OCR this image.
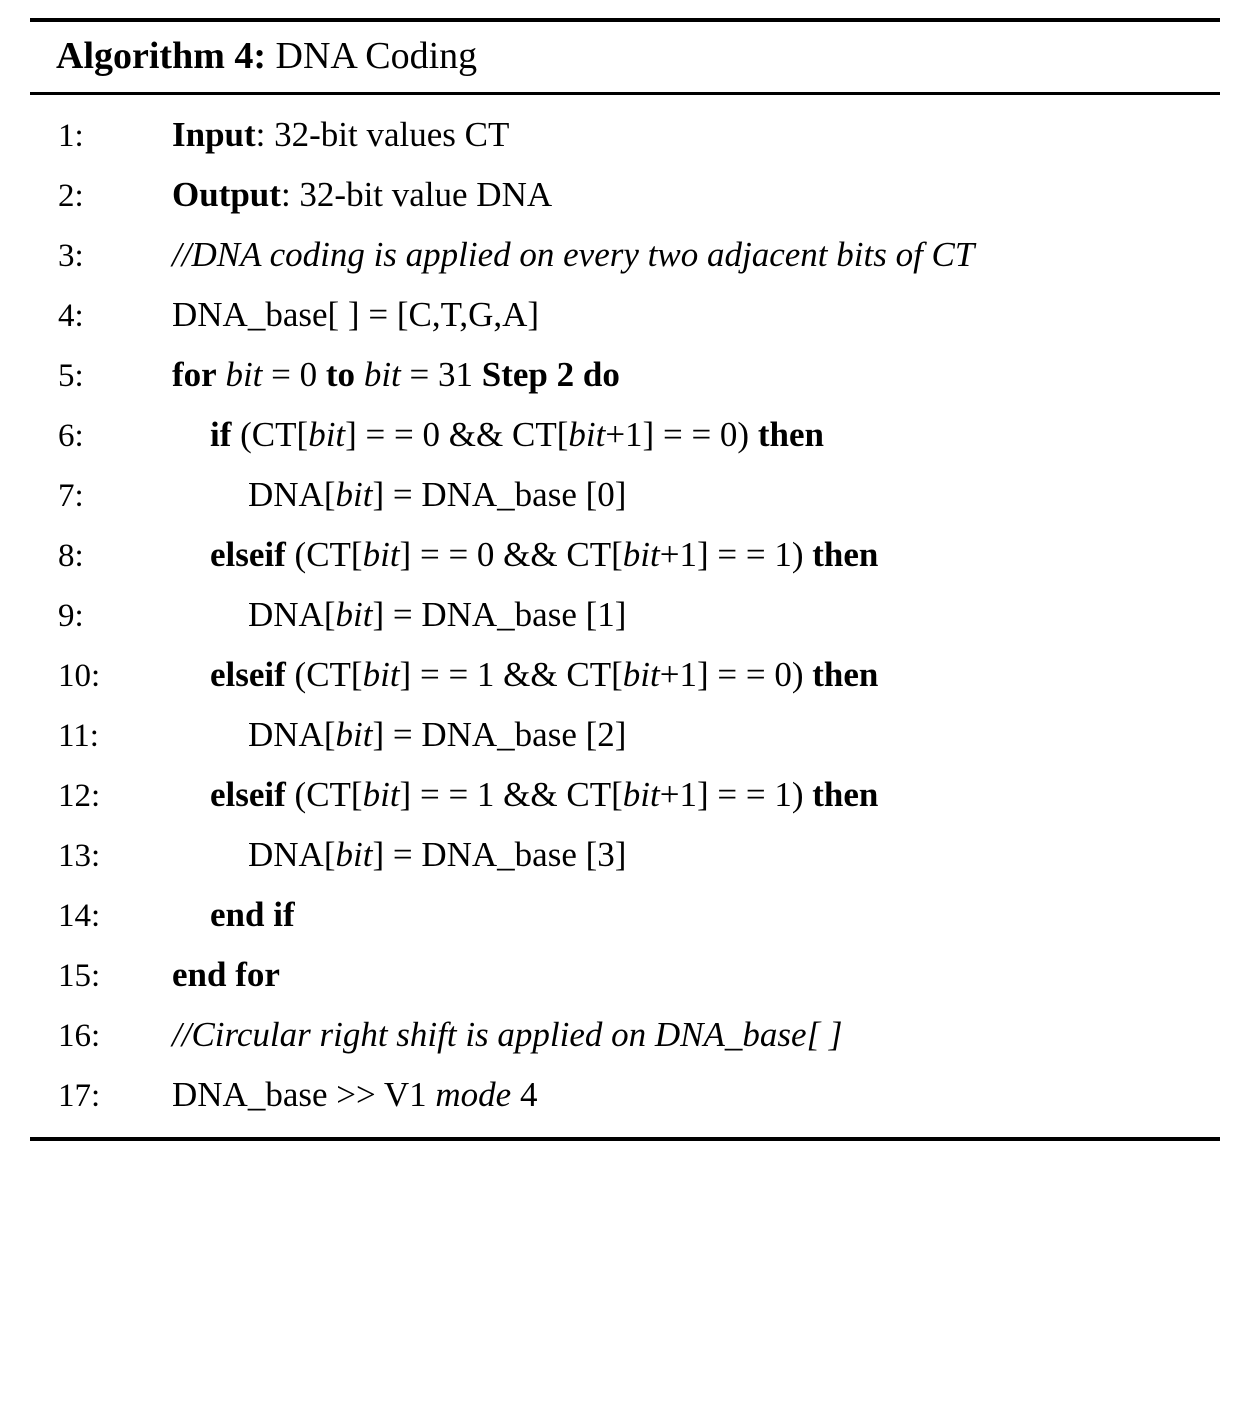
Algorithm 4: DNA Coding
1:	Input: 32-bit values CT
2:	Output: 32-bit value DNA
3:	//DNA coding is applied on every two adjacent bits of CT
4:	DNA_base[ ] = [C,T,G,A]
5:	for bit = 0 to bit = 31 Step 2 do
6:	if (CT[bit] = = 0 && CT[bit+1] = = 0) then
7:	DNA[bit] = DNA_base [0]
8:	elseif (CT[bit] = = 0 && CT[bit+1] = = 1) then
9:	DNA[bit] = DNA_base [1]
10:	elseif (CT[bit] = = 1 && CT[bit+1] = = 0) then
11:	DNA[bit] = DNA_base [2]
12:	elseif (CT[bit] = = 1 && CT[bit+1] = = 1) then
13:	DNA[bit] = DNA_base [3]
14:	end if
15:	end for
16:	//Circular right shift is applied on DNA_base[ ]
17:	DNA_base >> V1 mode 4
